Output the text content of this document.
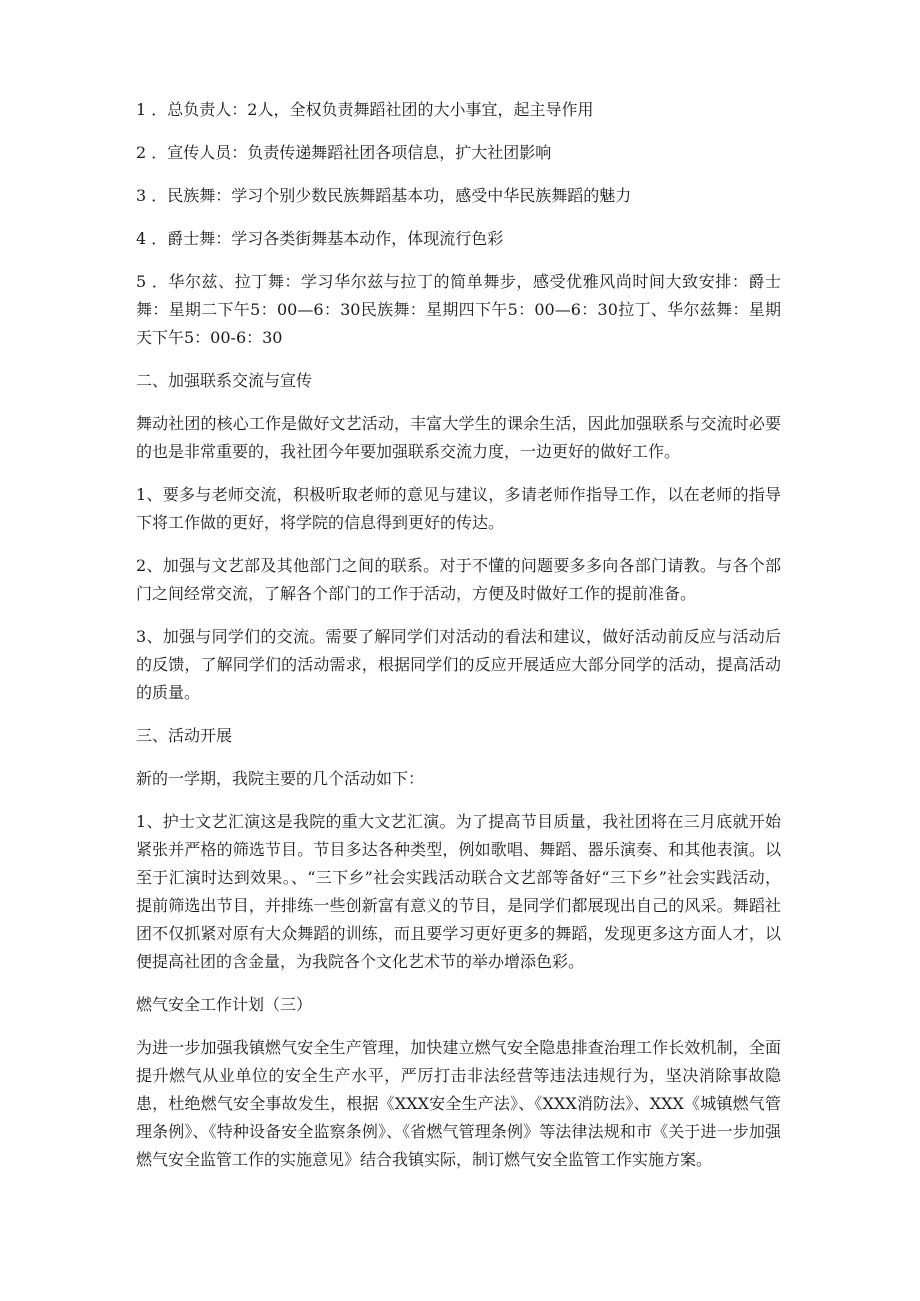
1 ．总负责人：2人，全权负责舞蹈社团的大小事宜，起主导作用

2 ．宣传人员：负责传递舞蹈社团各项信息，扩大社团影响

3 ．民族舞：学习个别少数民族舞蹈基本功，感受中华民族舞蹈的魅力

4 ．爵士舞：学习各类街舞基本动作，体现流行色彩

5 ．华尔兹、拉丁舞：学习华尔兹与拉丁的简单舞步，感受优雅风尚时间大致安排：爵士舞：星期二下午5：00—6：30民族舞：星期四下午5：00—6：30拉丁、华尔兹舞：星期天下午5：00-6：30

二、加强联系交流与宣传

舞动社团的核心工作是做好文艺活动，丰富大学生的课余生活，因此加强联系与交流时必要的也是非常重要的，我社团今年要加强联系交流力度，一边更好的做好工作。

1、要多与老师交流，积极听取老师的意见与建议，多请老师作指导工作，以在老师的指导下将工作做的更好，将学院的信息得到更好的传达。

2、加强与文艺部及其他部门之间的联系。对于不懂的问题要多多向各部门请教。与各个部门之间经常交流，了解各个部门的工作于活动，方便及时做好工作的提前准备。

3、加强与同学们的交流。需要了解同学们对活动的看法和建议，做好活动前反应与活动后的反馈，了解同学们的活动需求，根据同学们的反应开展适应大部分同学的活动，提高活动的质量。

三、活动开展

新的一学期，我院主要的几个活动如下：

1、护士文艺汇演这是我院的重大文艺汇演。为了提高节目质量，我社团将在三月底就开始紧张并严格的筛选节目。节目多达各种类型，例如歌唱、舞蹈、器乐演奏、和其他表演。以至于汇演时达到效果。、“三下乡”社会实践活动联合文艺部等备好“三下乡”社会实践活动，提前筛选出节目，并排练一些创新富有意义的节目，是同学们都展现出自己的风采。舞蹈社团不仅抓紧对原有大众舞蹈的训练，而且要学习更好更多的舞蹈，发现更多这方面人才，以便提高社团的含金量，为我院各个文化艺术节的举办增添色彩。

燃气安全工作计划（三）

为进一步加强我镇燃气安全生产管理，加快建立燃气安全隐患排查治理工作长效机制，全面提升燃气从业单位的安全生产水平，严厉打击非法经营等违法违规行为，坚决消除事故隐患，杜绝燃气安全事故发生，根据《XXX安全生产法》、《XXX消防法》、XXX《城镇燃气管理条例》、《特种设备安全监察条例》、《省燃气管理条例》等法律法规和市《关于进一步加强燃气安全监管工作的实施意见》结合我镇实际，制订燃气安全监管工作实施方案。
